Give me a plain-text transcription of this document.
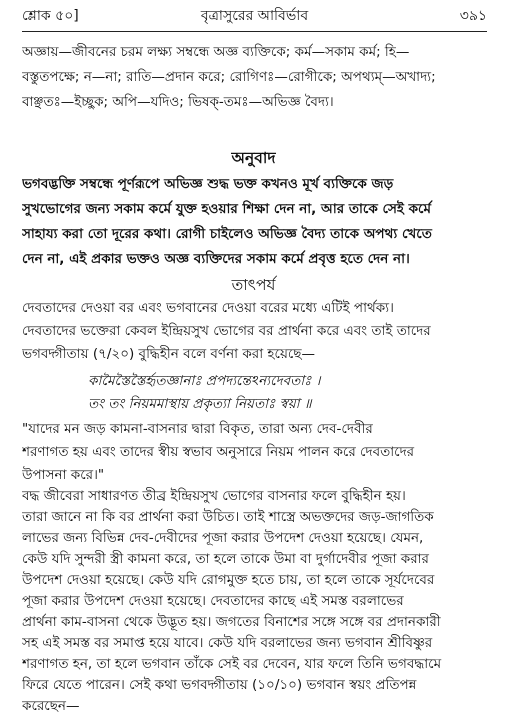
শ্লোক ৫০]	বৃত্রাসুরের আবির্ভাব	৩৯১
অজ্ঞায়—জীবনের চরম লক্ষ্য সম্বন্ধে অজ্ঞ ব্যক্তিকে; কর্ম—সকাম কর্ম; হি—
বস্তুতপক্ষে; ন—না; রাতি—প্রদান করে; রোগিণঃ—রোগীকে; অপথ্যম্—অখাদ্য;
বাঞ্ছতঃ—ইচ্ছুক; অপি—যদিও; ভিষক্-তমঃ—অভিজ্ঞ বৈদ্য।
অনুবাদ
ভগবদ্ভক্তি সম্বন্ধে পূর্ণরূপে অভিজ্ঞ শুদ্ধ ভক্ত কখনও মূর্খ ব্যক্তিকে জড়
সুখভোগের জন্য সকাম কর্মে যুক্ত হওয়ার শিক্ষা দেন না, আর তাকে সেই কর্মে
সাহায্য করা তো দূরের কথা। রোগী চাইলেও অভিজ্ঞ বৈদ্য তাকে অপথ্য খেতে
দেন না, এই প্রকার ভক্তও অজ্ঞ ব্যক্তিদের সকাম কর্মে প্রবৃত্ত হতে দেন না।
তাৎপর্য
দেবতাদের দেওয়া বর এবং ভগবানের দেওয়া বরের মধ্যে এটিই পার্থক্য।
দেবতাদের ভক্তেরা কেবল ইন্দ্রিয়সুখ ভোগের বর প্রার্থনা করে এবং তাই তাদের
ভগবদ্গীতায় (৭/২০) বুদ্ধিহীন বলে বর্ণনা করা হয়েছে—
কামৈস্তৈস্তৈর্হৃতজ্ঞানাঃ প্রপদ্যন্তেঽন্যদেবতাঃ ।
তং তং নিয়মমাস্থায় প্রকৃত্যা নিয়তাঃ স্বয়া ॥
"যাদের মন জড় কামনা-বাসনার দ্বারা বিকৃত, তারা অন্য দেব-দেবীর
শরণাগত হয় এবং তাদের স্বীয় স্বভাব অনুসারে নিয়ম পালন করে দেবতাদের
উপাসনা করে।"
বদ্ধ জীবেরা সাধারণত তীব্র ইন্দ্রিয়সুখ ভোগের বাসনার ফলে বুদ্ধিহীন হয়।
তারা জানে না কি বর প্রার্থনা করা উচিত। তাই শাস্ত্রে অভক্তদের জড়-জাগতিক
লাভের জন্য বিভিন্ন দেব-দেবীদের পূজা করার উপদেশ দেওয়া হয়েছে। যেমন,
কেউ যদি সুন্দরী স্ত্রী কামনা করে, তা হলে তাকে উমা বা দুর্গাদেবীর পূজা করার
উপদেশ দেওয়া হয়েছে। কেউ যদি রোগমুক্ত হতে চায়, তা হলে তাকে সূর্যদেবের
পূজা করার উপদেশ দেওয়া হয়েছে। দেবতাদের কাছে এই সমস্ত বরলাভের
প্রার্থনা কাম-বাসনা থেকে উদ্ভূত হয়। জগতের বিনাশের সঙ্গে সঙ্গে বর প্রদানকারী
সহ এই সমস্ত বর সমাপ্ত হয়ে যাবে। কেউ যদি বরলাভের জন্য ভগবান শ্রীবিষ্ণুর
শরণাগত হন, তা হলে ভগবান তাঁকে সেই বর দেবেন, যার ফলে তিনি ভগবদ্ধামে
ফিরে যেতে পারেন। সেই কথা ভগবদ্গীতায় (১০/১০) ভগবান স্বয়ং প্রতিপন্ন
করেছেন—
